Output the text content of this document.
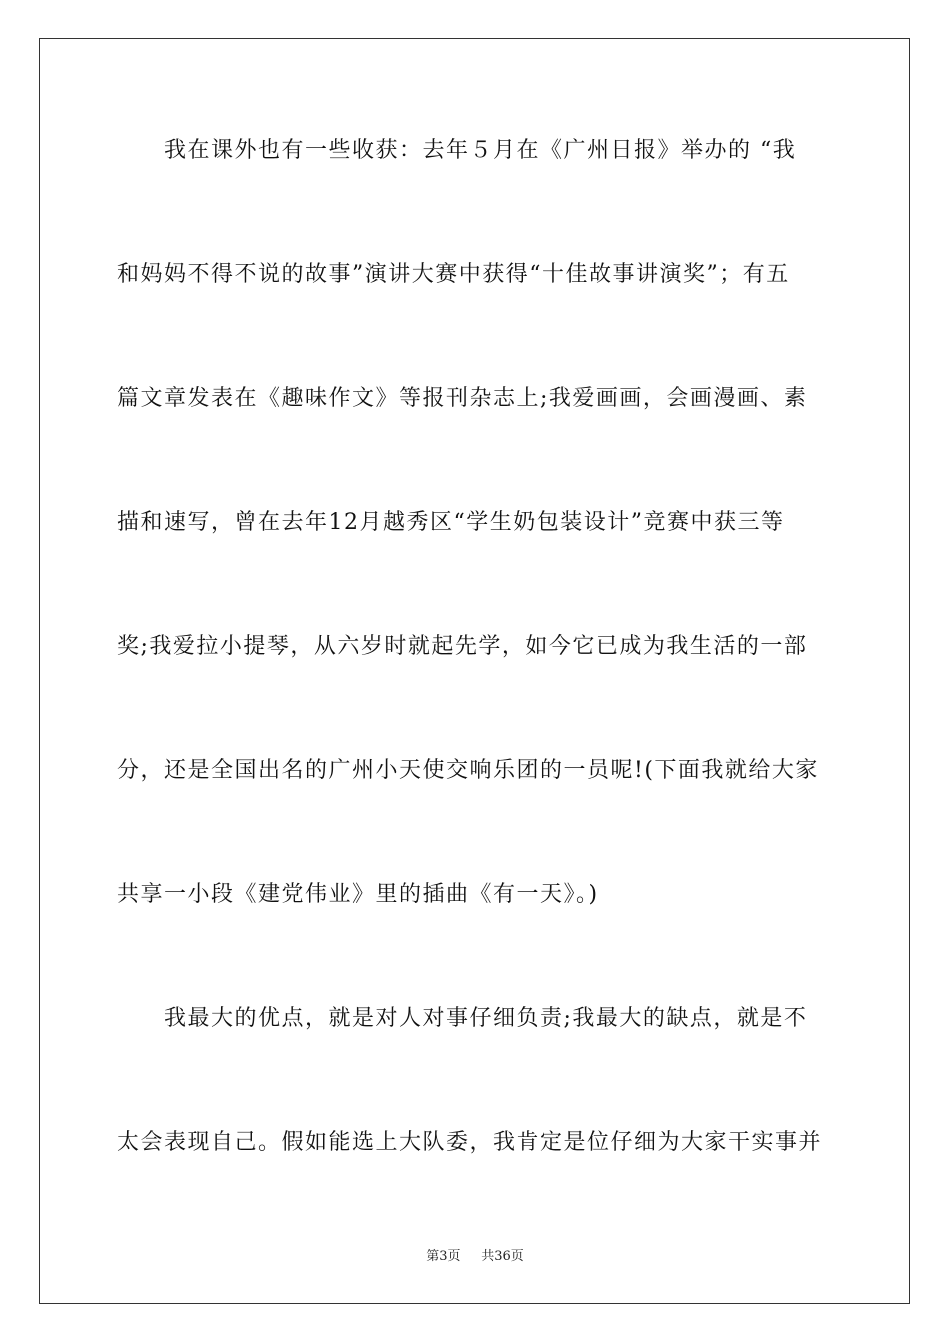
我在课外也有一些收获：去年５月在《广州日报》举办的 “我
和妈妈不得不说的故事”演讲大赛中获得“十佳故事讲演奖”；有五
篇文章发表在《趣味作文》等报刊杂志上;我爱画画，会画漫画、素
描和速写，曾在去年12月越秀区“学生奶包装设计”竞赛中获三等
奖;我爱拉小提琴，从六岁时就起先学，如今它已成为我生活的一部
分，还是全国出名的广州小天使交响乐团的一员呢!(下面我就给大家
共享一小段《建党伟业》里的插曲《有一天》。)
我最大的优点，就是对人对事仔细负责;我最大的缺点，就是不
太会表现自己。假如能选上大队委，我肯定是位仔细为大家干实事并
第3页 共36页
